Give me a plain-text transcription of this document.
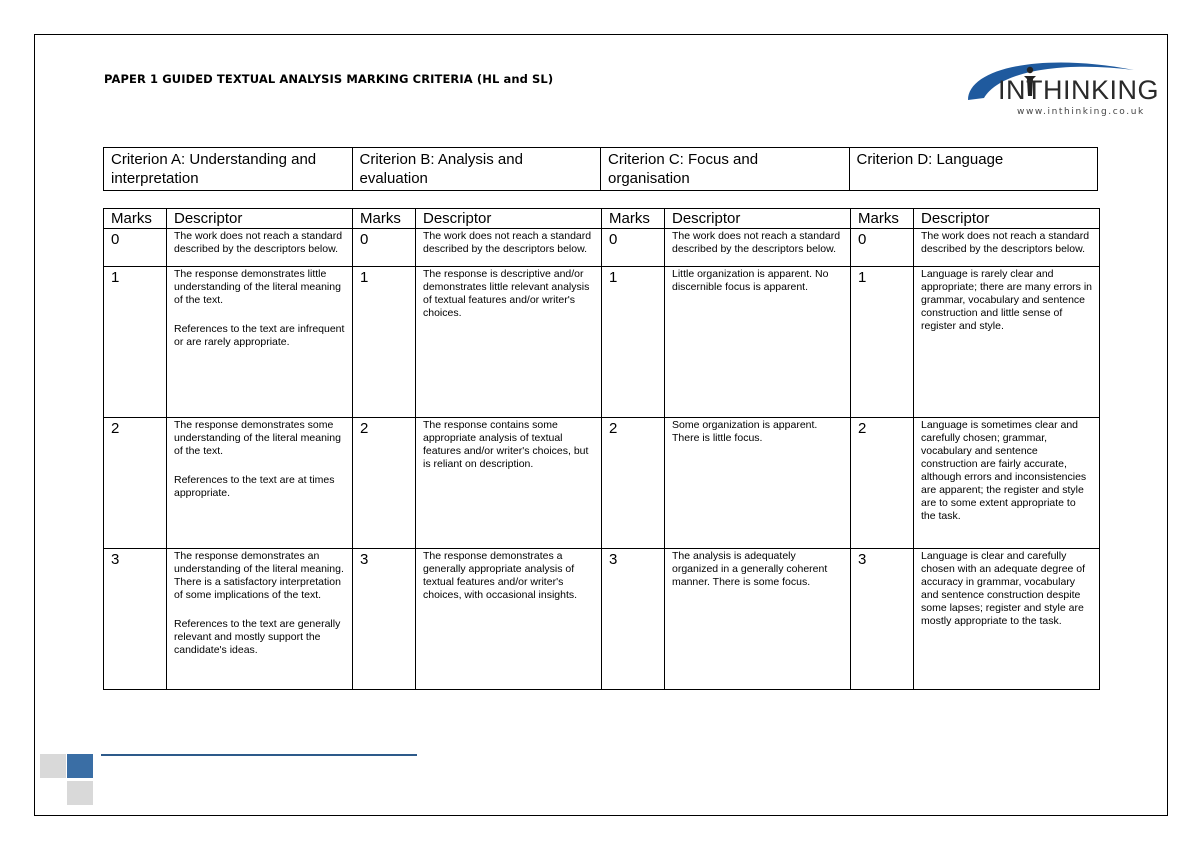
PAPER 1 GUIDED TEXTUAL ANALYSIS MARKING CRITERIA (HL and SL)	INTHINKING
www.inthinking.co.uk
Criterion A: Understanding and interpretation	Criterion B: Analysis and evaluation	Criterion C: Focus and organisation	Criterion D: Language
Marks	Descriptor	Marks	Descriptor	Marks	Descriptor	Marks	Descriptor
0	The work does not reach a standard described by the descriptors below.	0	The work does not reach a standard described by the descriptors below.	0	The work does not reach a standard described by the descriptors below.	0	The work does not reach a standard described by the descriptors below.

1	The response demonstrates little understanding of the literal meaning of the text.
References to the text are infrequent or are rarely appropriate.	1	The response is descriptive and/or demonstrates little relevant analysis of textual features and/or writer's choices.	1	Little organization is apparent. No discernible focus is apparent.	1	Language is rarely clear and appropriate; there are many errors in grammar, vocabulary and sentence construction and little sense of register and style.

2	The response demonstrates some understanding of the literal meaning of the text.
References to the text are at times appropriate.	2	The response contains some appropriate analysis of textual features and/or writer's choices, but is reliant on description.	2	Some organization is apparent. There is little focus.	2	Language is sometimes clear and carefully chosen; grammar, vocabulary and sentence construction are fairly accurate, although errors and inconsistencies are apparent; the register and style are to some extent appropriate to the task.

3	The response demonstrates an understanding of the literal meaning. There is a satisfactory interpretation of some implications of the text.
References to the text are generally relevant and mostly support the candidate's ideas.	3	The response demonstrates a generally appropriate analysis of textual features and/or writer's choices, with occasional insights.	3	The analysis is adequately organized in a generally coherent manner. There is some focus.	3	Language is clear and carefully chosen with an adequate degree of accuracy in grammar, vocabulary and sentence construction despite some lapses; register and style are mostly appropriate to the task.
